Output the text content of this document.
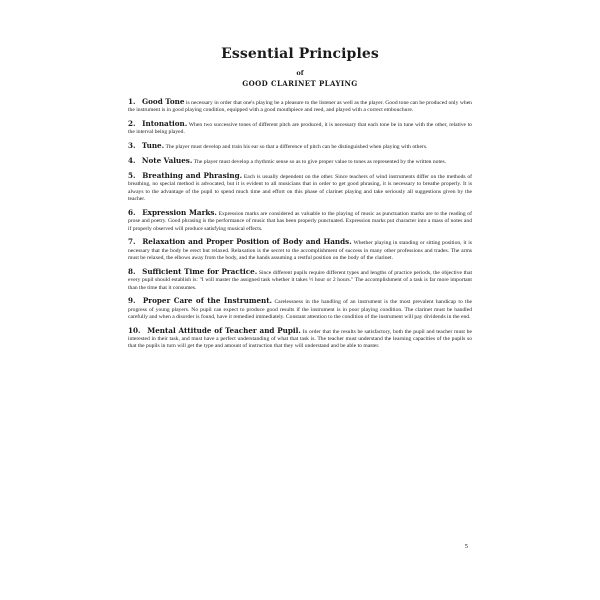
Essential Principles
of
GOOD CLARINET PLAYING
1. Good Tone is necessary in order that one's playing be a pleasure to the listener as well as the player. Good tone can be produced only when the instrument is in good playing condition, equipped with a good mouthpiece and reed, and played with a correct embouchure.
2. Intonation. When two successive tones of different pitch are produced, it is necessary that each tone be in tune with the other, relative to the interval being played.
3. Tune. The player must develop and train his ear so that a difference of pitch can be distinguished when playing with others.
4. Note Values. The player must develop a rhythmic sense so as to give proper value to tones as represented by the written notes.
5. Breathing and Phrasing. Each is usually dependent on the other. Since teachers of wind instruments differ on the methods of breathing, no special method is advocated, but it is evident to all musicians that in order to get good phrasing, it is necessary to breathe properly. It is always to the advantage of the pupil to spend much time and effort on this phase of clarinet playing and take seriously all suggestions given by the teacher.
6. Expression Marks. Expression marks are considered as valuable to the playing of music as punctuation marks are to the reading of prose and poetry. Good phrasing is the performance of music that has been properly punctuated. Expression marks put character into a mass of notes and if properly observed will produce satisfying musical effects.
7. Relaxation and Proper Position of Body and Hands. Whether playing in standing or sitting position, it is necessary that the body be erect but relaxed. Relaxation is the secret to the accomplishment of success in many other professions and trades. The arms must be relaxed, the elbows away from the body, and the hands assuming a restful position on the body of the clarinet.
8. Sufficient Time for Practice. Since different pupils require different types and lengths of practice periods, the objective that every pupil should establish is: "I will master the assigned task whether it takes ½ hour or 2 hours." The accomplishment of a task is far more important than the time that it consumes.
9. Proper Care of the Instrument. Carelessness in the handling of an instrument is the most prevalent handicap to the progress of young players. No pupil can expect to produce good results if the instrument is in poor playing condition. The clarinet must be handled carefully and when a disorder is found, have it remedied immediately. Constant attention to the condition of the instrument will pay dividends in the end.
10. Mental Attitude of Teacher and Pupil. In order that the results be satisfactory, both the pupil and teacher must be interested in their task, and must have a perfect understanding of what that task is. The teacher must understand the learning capacities of the pupils so that the pupils in turn will get the type and amount of instruction that they will understand and be able to master.
5
